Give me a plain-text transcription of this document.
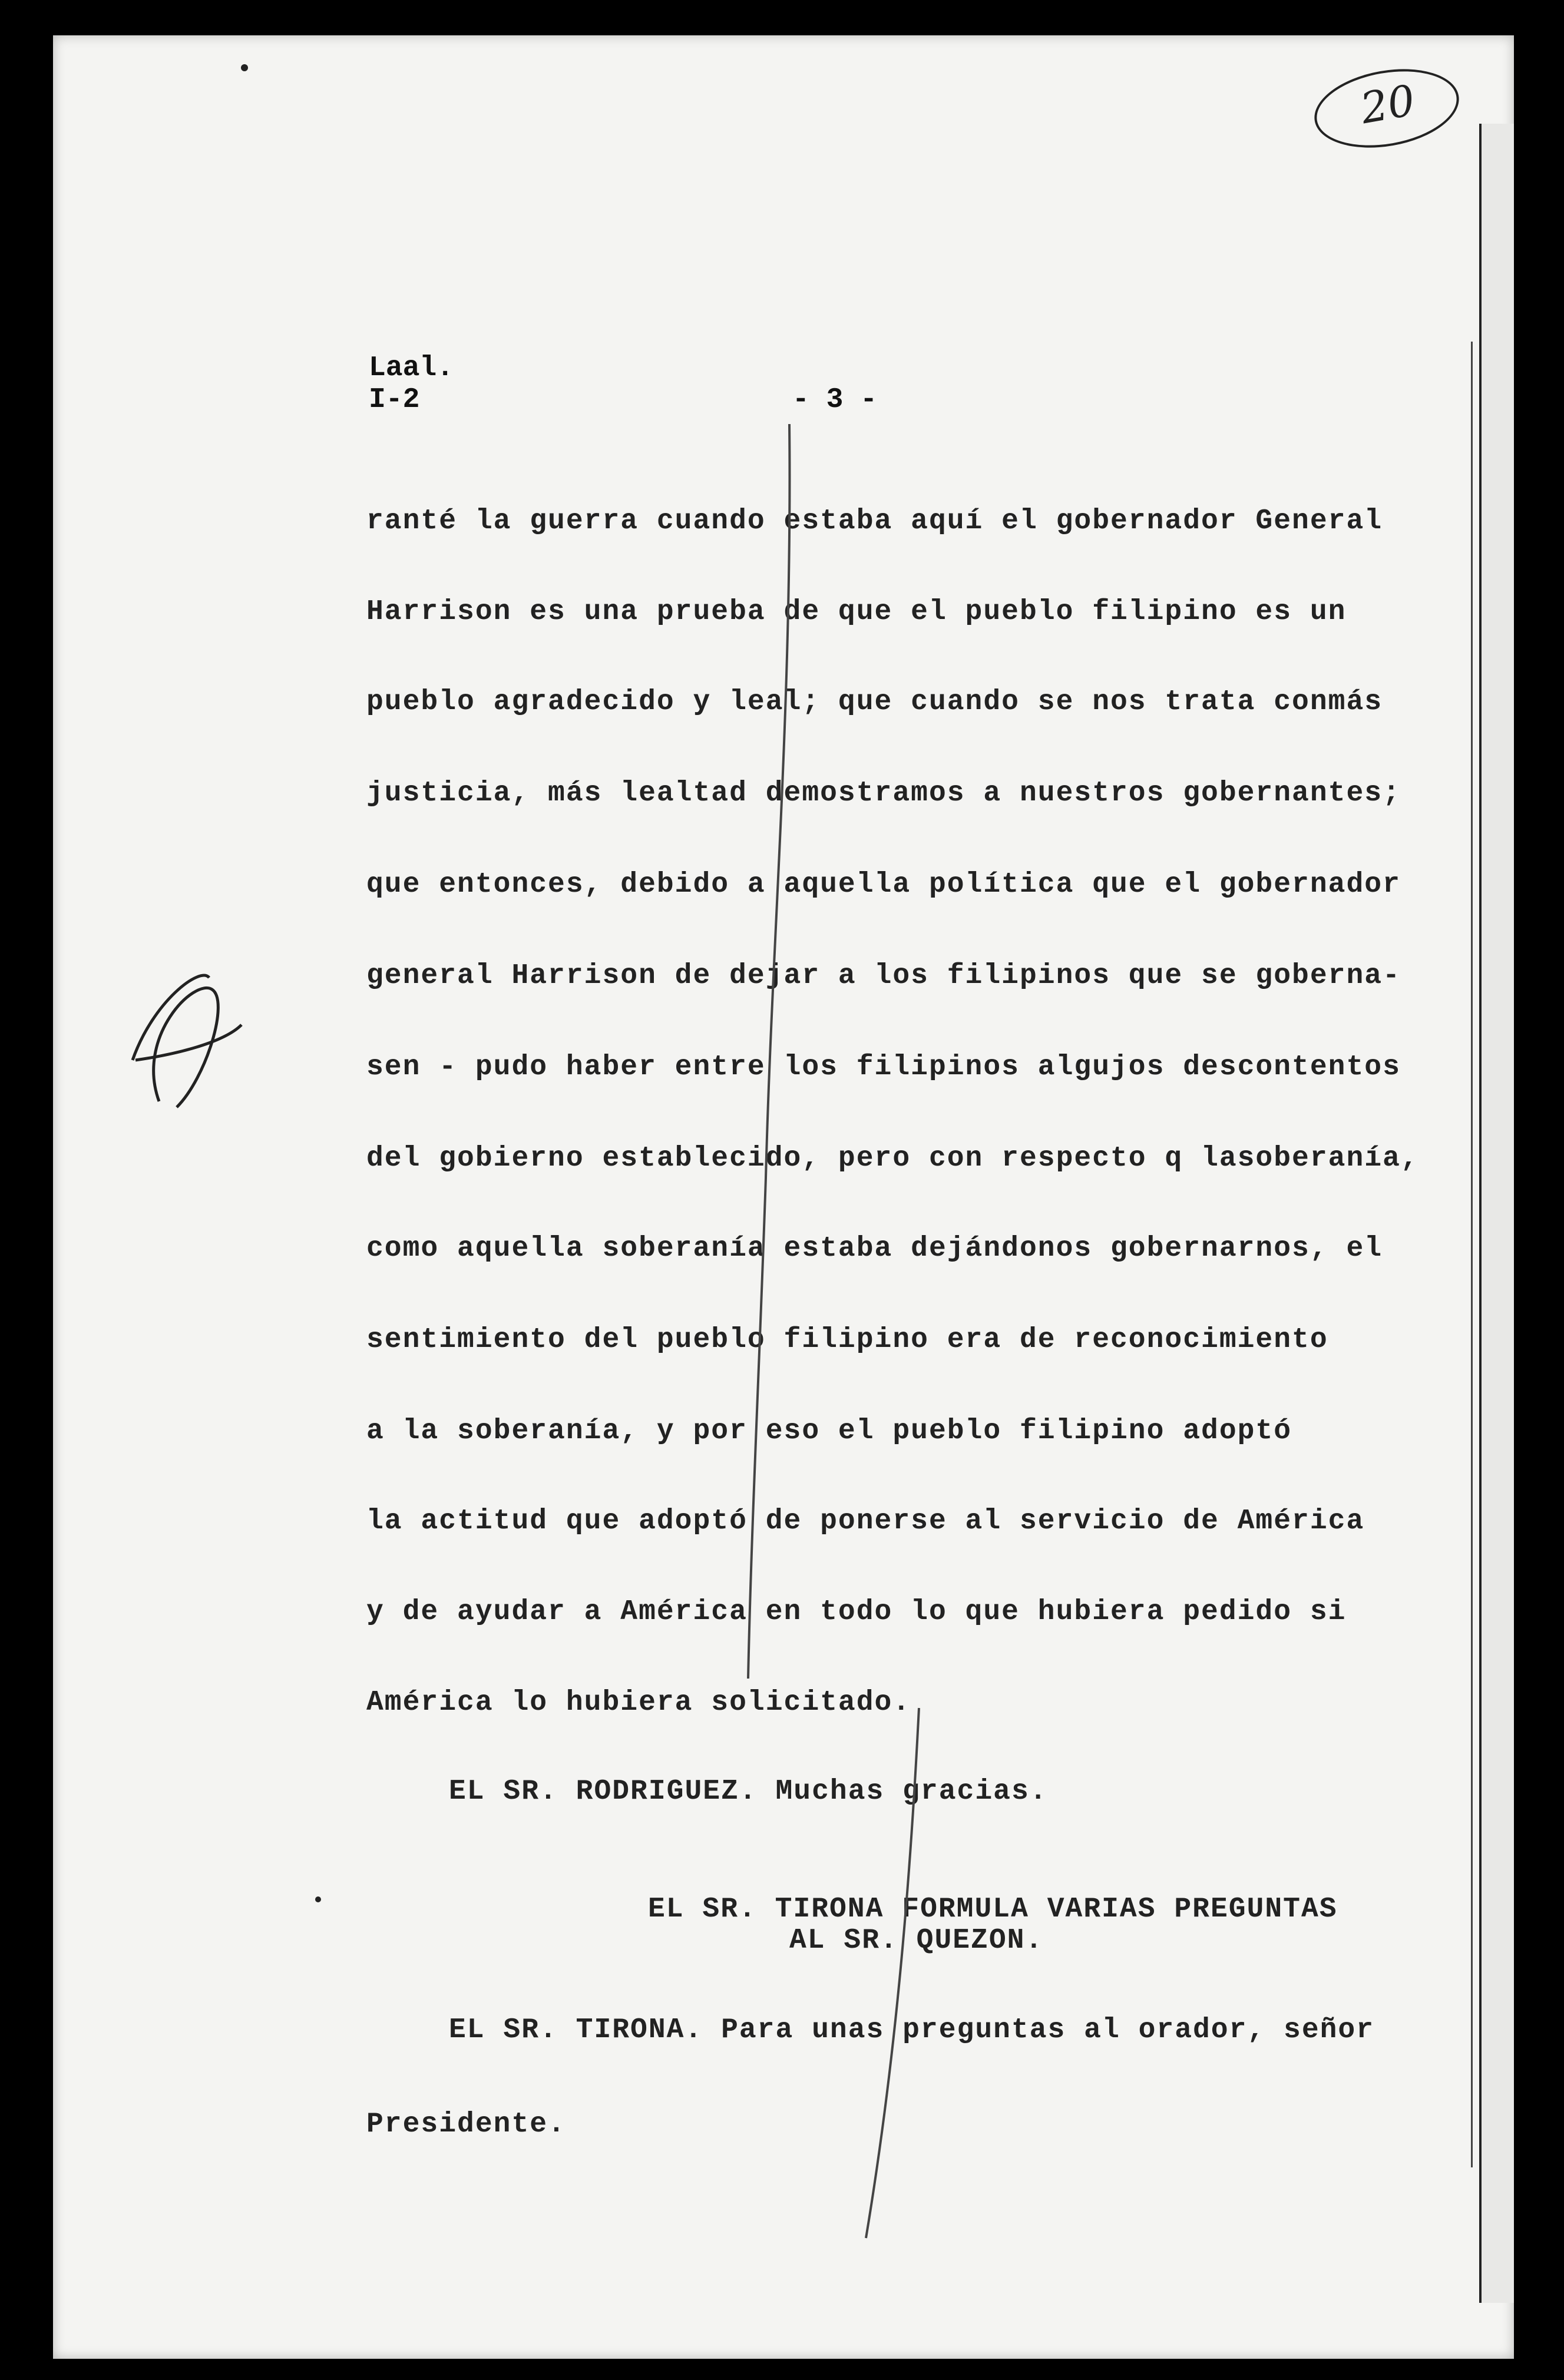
20
Laal.
I-2	- 3 -
ranté la guerra cuando estaba aquí el gobernador General
Harrison es una prueba de que el pueblo filipino es un
pueblo agradecido y leal; que cuando se nos trata conmás
justicia, más lealtad demostramos a nuestros gobernantes;
que entonces, debido a aquella política que el gobernador
general Harrison de dejar a los filipinos que se goberna-
sen - pudo haber entre los filipinos algujos descontentos
del gobierno establecido, pero con respecto q lasoberanía,
como aquella soberanía estaba dejándonos gobernarnos, el
sentimiento del pueblo filipino era de reconocimiento
a la soberanía, y por eso el pueblo filipino adoptó
la actitud que adoptó de ponerse al servicio de América
y de ayudar a América en todo lo que hubiera pedido si
América lo hubiera solicitado.
EL SR. RODRIGUEZ. Muchas gracias.
EL SR. TIRONA FORMULA VARIAS PREGUNTAS
AL SR. QUEZON.
EL SR. TIRONA. Para unas preguntas al orador, señor
Presidente.
